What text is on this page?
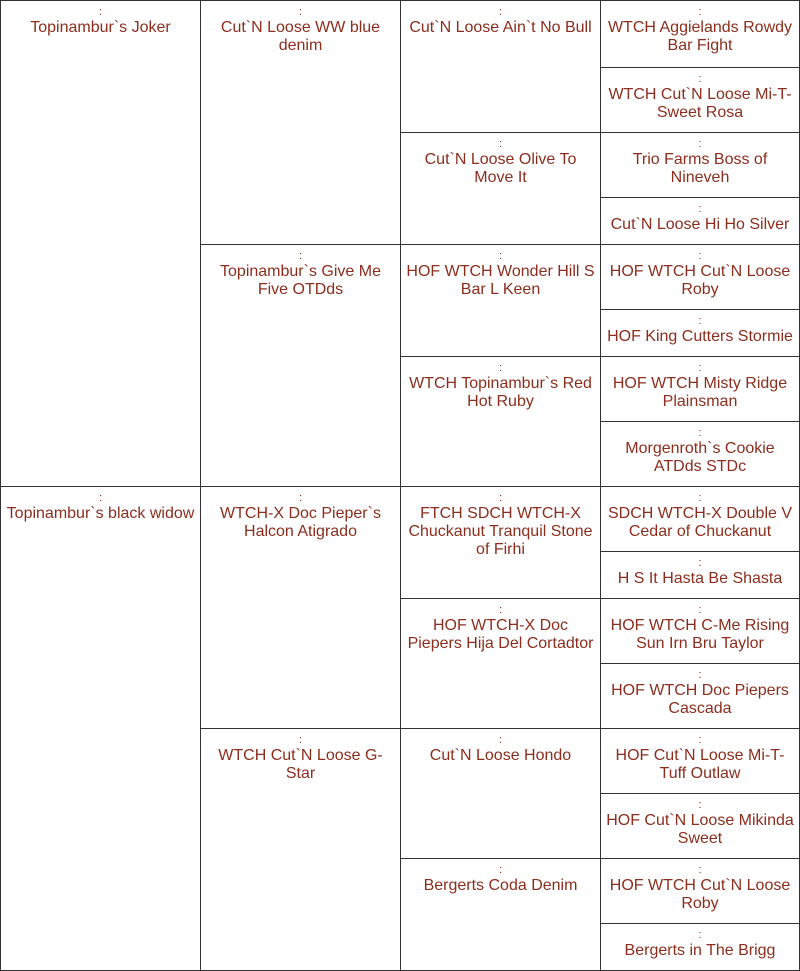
:
Topinambur`s Joker
:
Topinambur`s black widow
:
Cut`N Loose WW blue denim
:
Topinambur`s Give Me Five OTDds
:
WTCH-X Doc Pieper`s Halcon Atigrado
:
WTCH Cut`N Loose G-Star
:
Cut`N Loose Ain`t No Bull
:
Cut`N Loose Olive To Move It
:
HOF WTCH Wonder Hill S Bar L Keen
:
WTCH Topinambur`s Red Hot Ruby
:
FTCH SDCH WTCH-X Chuckanut Tranquil Stone of Firhi
:
HOF WTCH-X Doc Piepers Hija Del Cortadtor
:
Cut`N Loose Hondo
:
Bergerts Coda Denim
:
WTCH Aggielands Rowdy Bar Fight
:
WTCH Cut`N Loose Mi-T-Sweet Rosa
:
Trio Farms Boss of Nineveh
:
Cut`N Loose Hi Ho Silver
:
HOF WTCH Cut`N Loose Roby
:
HOF King Cutters Stormie
:
HOF WTCH Misty Ridge Plainsman
:
Morgenroth`s Cookie ATDds STDc
:
SDCH WTCH-X Double V Cedar of Chuckanut
:
H S It Hasta Be Shasta
:
HOF WTCH C-Me Rising Sun Irn Bru Taylor
:
HOF WTCH Doc Piepers Cascada
:
HOF Cut`N Loose Mi-T-Tuff Outlaw
:
HOF Cut`N Loose Mikinda Sweet
:
HOF WTCH Cut`N Loose Roby
:
Bergerts in The Brigg
